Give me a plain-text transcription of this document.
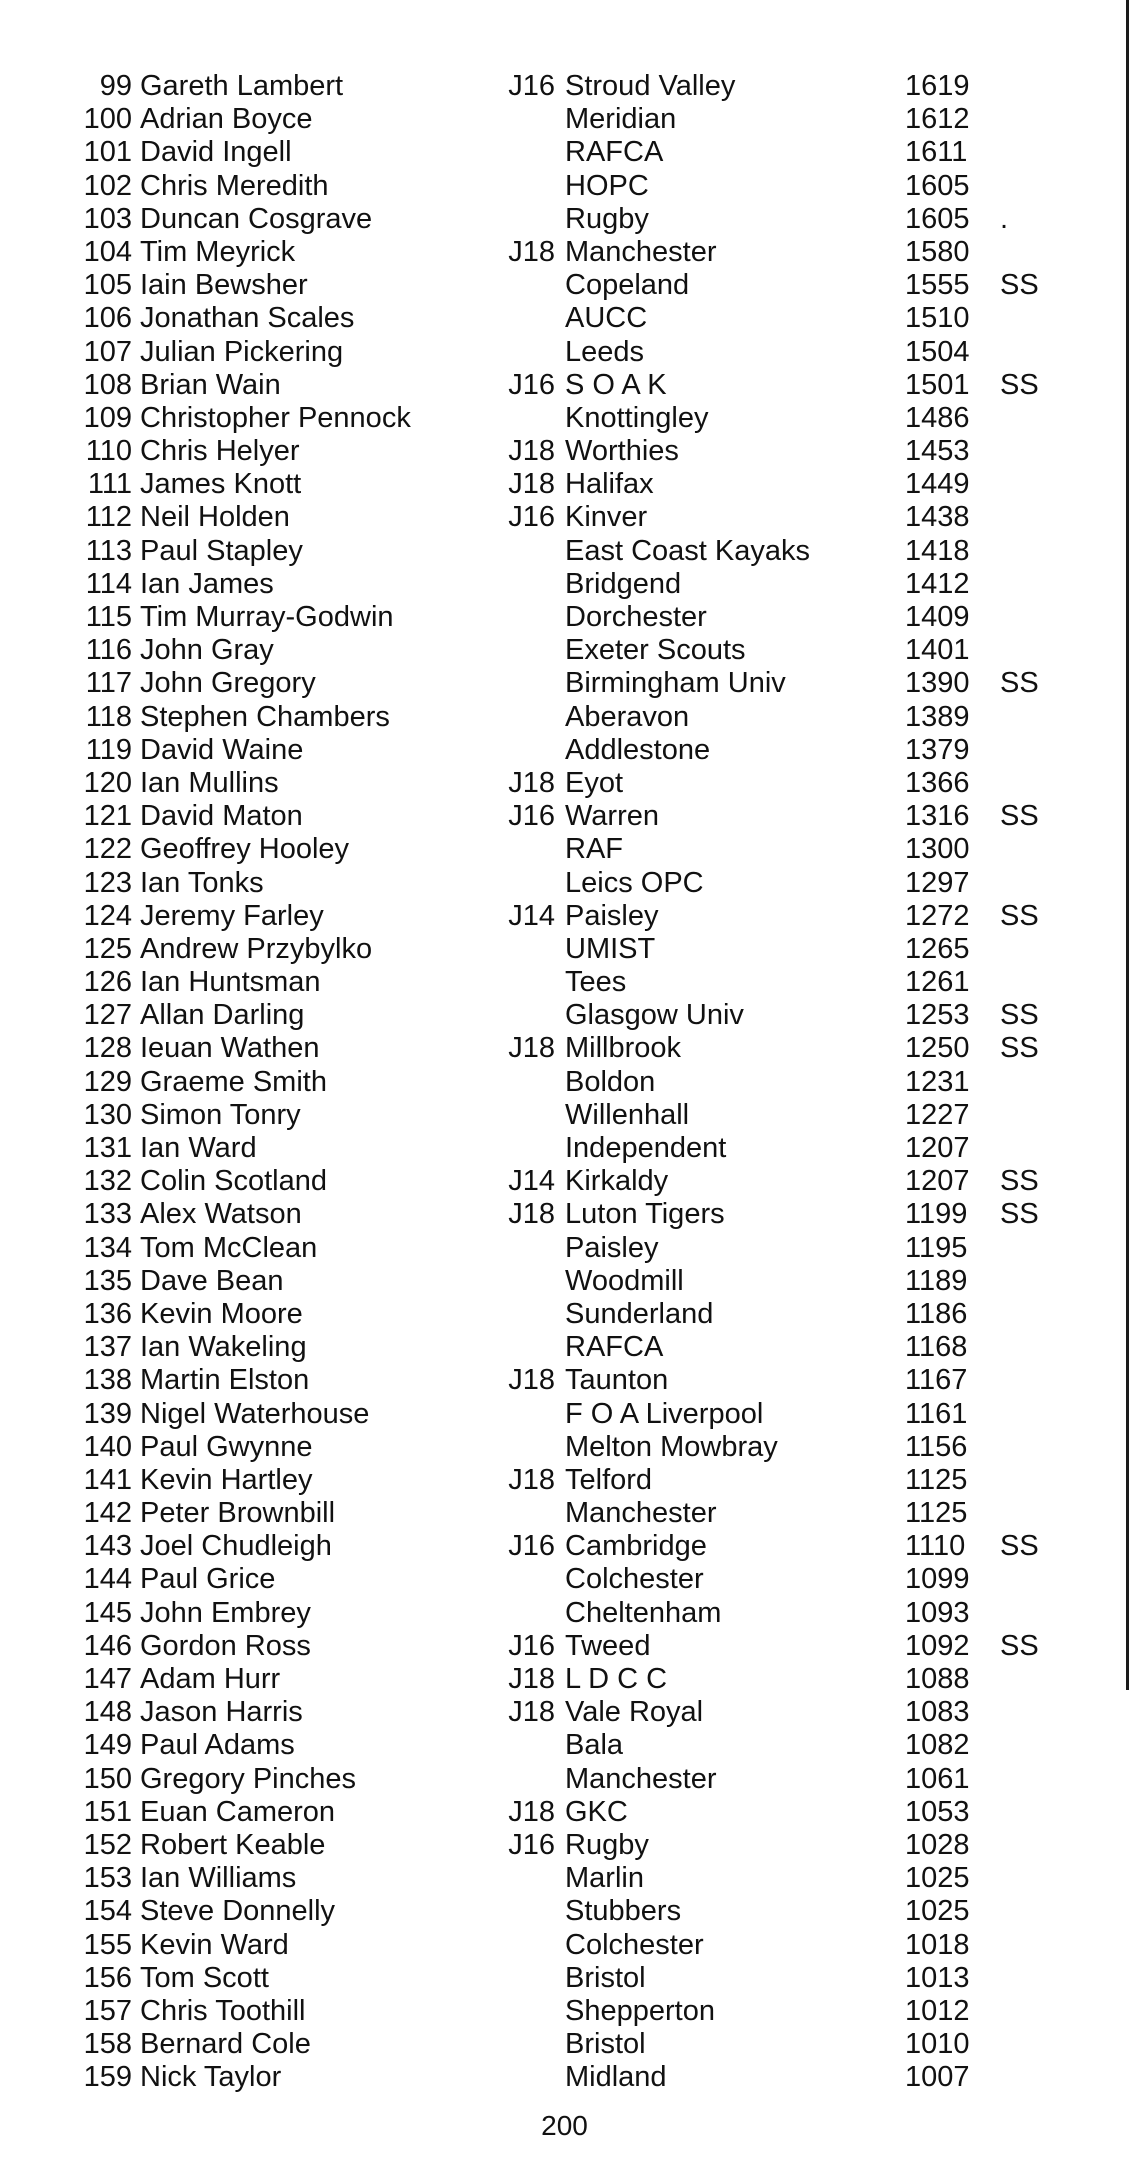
99 Gareth Lambert	J16 Stroud Valley	1619
100 Adrian Boyce	Meridian	1612
101 David Ingell	RAFCA	1611
102 Chris Meredith	HOPC	1605
103 Duncan Cosgrave	Rugby	1605 .
104 Tim Meyrick	J18 Manchester	1580
105 Iain Bewsher	Copeland	1555 SS
106 Jonathan Scales	AUCC	1510
107 Julian Pickering	Leeds	1504
108 Brian Wain	J16 S O A K	1501 SS
109 Christopher Pennock	Knottingley	1486
110 Chris Helyer	J18 Worthies	1453
111 James Knott	J18 Halifax	1449
112 Neil Holden	J16 Kinver	1438
113 Paul Stapley	East Coast Kayaks	1418
114 Ian James	Bridgend	1412
115 Tim Murray-Godwin	Dorchester	1409
116 John Gray	Exeter Scouts	1401
117 John Gregory	Birmingham Univ	1390 SS
118 Stephen Chambers	Aberavon	1389
119 David Waine	Addlestone	1379
120 Ian Mullins	J18 Eyot	1366
121 David Maton	J16 Warren	1316 SS
122 Geoffrey Hooley	RAF	1300
123 Ian Tonks	Leics OPC	1297
124 Jeremy Farley	J14 Paisley	1272 SS
125 Andrew Przybylko	UMIST	1265
126 Ian Huntsman	Tees	1261
127 Allan Darling	Glasgow Univ	1253 SS
128 Ieuan Wathen	J18 Millbrook	1250 SS
129 Graeme Smith	Boldon	1231
130 Simon Tonry	Willenhall	1227
131 Ian Ward	Independent	1207
132 Colin Scotland	J14 Kirkaldy	1207 SS
133 Alex Watson	J18 Luton Tigers	1199 SS
134 Tom McClean	Paisley	1195
135 Dave Bean	Woodmill	1189
136 Kevin Moore	Sunderland	1186
137 Ian Wakeling	RAFCA	1168
138 Martin Elston	J18 Taunton	1167
139 Nigel Waterhouse	F O A Liverpool	1161
140 Paul Gwynne	Melton Mowbray	1156
141 Kevin Hartley	J18 Telford	1125
142 Peter Brownbill	Manchester	1125
143 Joel Chudleigh	J16 Cambridge	1110 SS
144 Paul Grice	Colchester	1099
145 John Embrey	Cheltenham	1093
146 Gordon Ross	J16 Tweed	1092 SS
147 Adam Hurr	J18 L D C C	1088
148 Jason Harris	J18 Vale Royal	1083
149 Paul Adams	Bala	1082
150 Gregory Pinches	Manchester	1061
151 Euan Cameron	J18 GKC	1053
152 Robert Keable	J16 Rugby	1028
153 Ian Williams	Marlin	1025
154 Steve Donnelly	Stubbers	1025
155 Kevin Ward	Colchester	1018
156 Tom Scott	Bristol	1013
157 Chris Toothill	Shepperton	1012
158 Bernard Cole	Bristol	1010
159 Nick Taylor	Midland	1007
200
